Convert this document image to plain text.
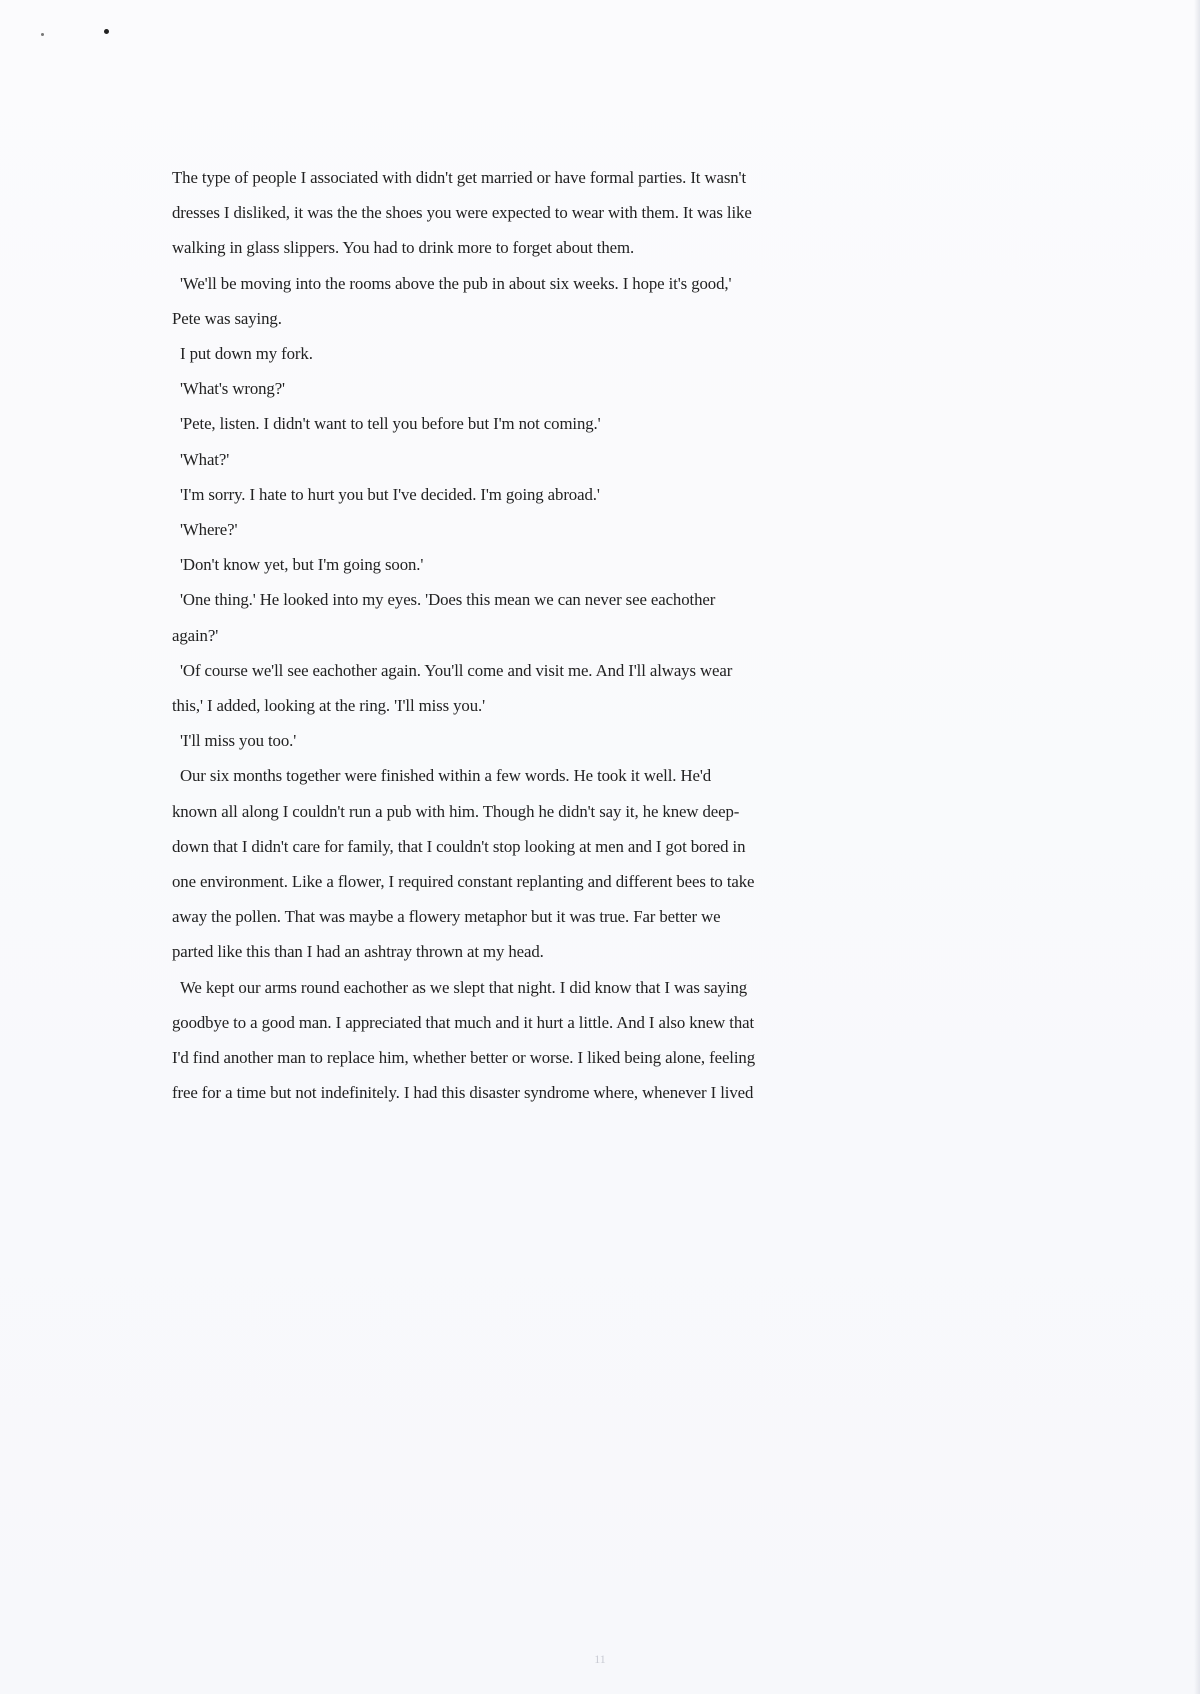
The type of people I associated with didn't get married or have formal parties. It wasn't

dresses I disliked, it was the the shoes you were expected to wear with them. It was like

walking in glass slippers. You had to drink more to forget about them.

'We'll be moving into the rooms above the pub in about six weeks. I hope it's good,'

Pete was saying.

I put down my fork.

'What's wrong?'

'Pete, listen. I didn't want to tell you before but I'm not coming.'

'What?'

'I'm sorry. I hate to hurt you but I've decided. I'm going abroad.'

'Where?'

'Don't know yet, but I'm going soon.'

'One thing.' He looked into my eyes. 'Does this mean we can never see eachother

again?'

'Of course we'll see eachother again. You'll come and visit me. And I'll always wear

this,' I added, looking at the ring. 'I'll miss you.'

'I'll miss you too.'

Our six months together were finished within a few words. He took it well. He'd

known all along I couldn't run a pub with him. Though he didn't say it, he knew deep-

down that I didn't care for family, that I couldn't stop looking at men and I got bored in

one environment. Like a flower, I required constant replanting and different bees to take

away the pollen. That was maybe a flowery metaphor but it was true. Far better we

parted like this than I had an ashtray thrown at my head.

We kept our arms round eachother as we slept that night. I did know that I was saying

goodbye to a good man. I appreciated that much and it hurt a little. And I also knew that

I'd find another man to replace him, whether better or worse. I liked being alone, feeling

free for a time but not indefinitely. I had this disaster syndrome where, whenever I lived

11
